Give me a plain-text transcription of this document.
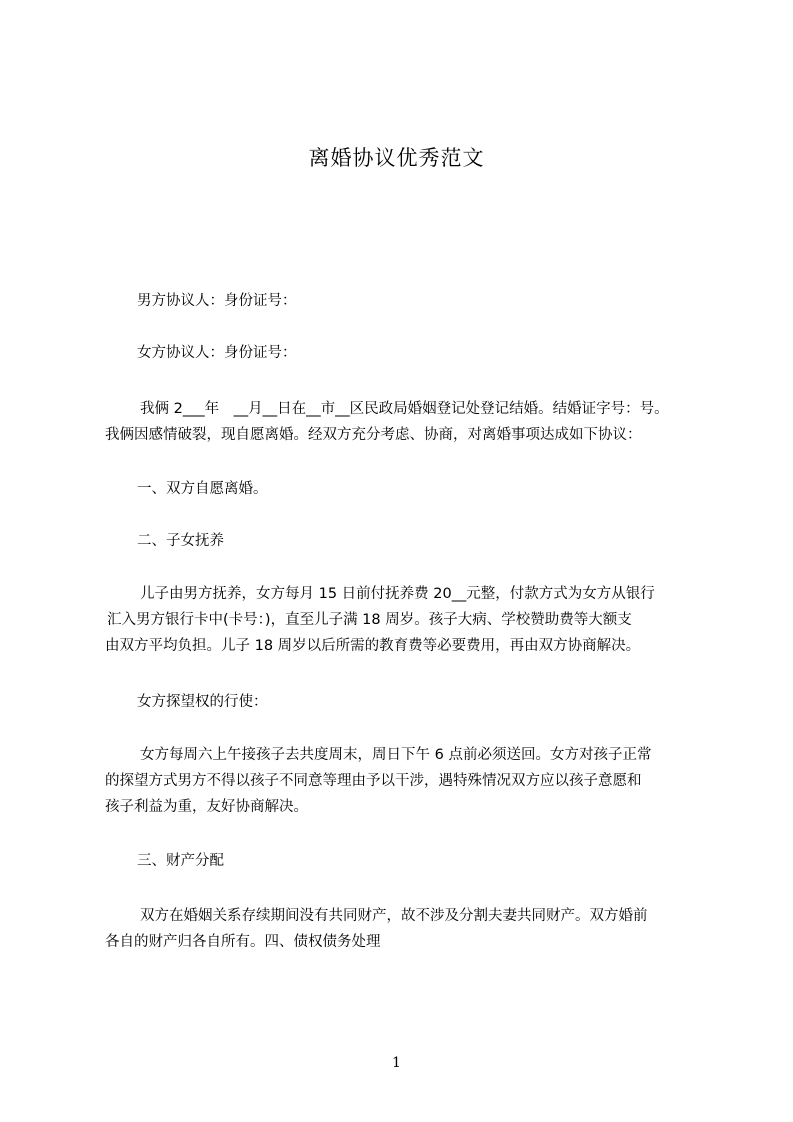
离婚协议优秀范文
男方协议人：身份证号：
女方协议人：身份证号：
我俩 2___年　__月__日在__市__区民政局婚姻登记处登记结婚。结婚证字号：号。
我俩因感情破裂，现自愿离婚。经双方充分考虑、协商，对离婚事项达成如下协议：
一、双方自愿离婚。
二、子女抚养
儿子由男方抚养，女方每月 15 日前付抚养费 20__元整，付款方式为女方从银行
汇入男方银行卡中(卡号：)，直至儿子满 18 周岁。孩子大病、学校赞助费等大额支
由双方平均负担。儿子 18 周岁以后所需的教育费等必要费用，再由双方协商解决。
女方探望权的行使：
女方每周六上午接孩子去共度周末，周日下午 6 点前必须送回。女方对孩子正常
的探望方式男方不得以孩子不同意等理由予以干涉，遇特殊情况双方应以孩子意愿和
孩子利益为重，友好协商解决。
三、财产分配
双方在婚姻关系存续期间没有共同财产，故不涉及分割夫妻共同财产。双方婚前
各自的财产归各自所有。四、债权债务处理
1
